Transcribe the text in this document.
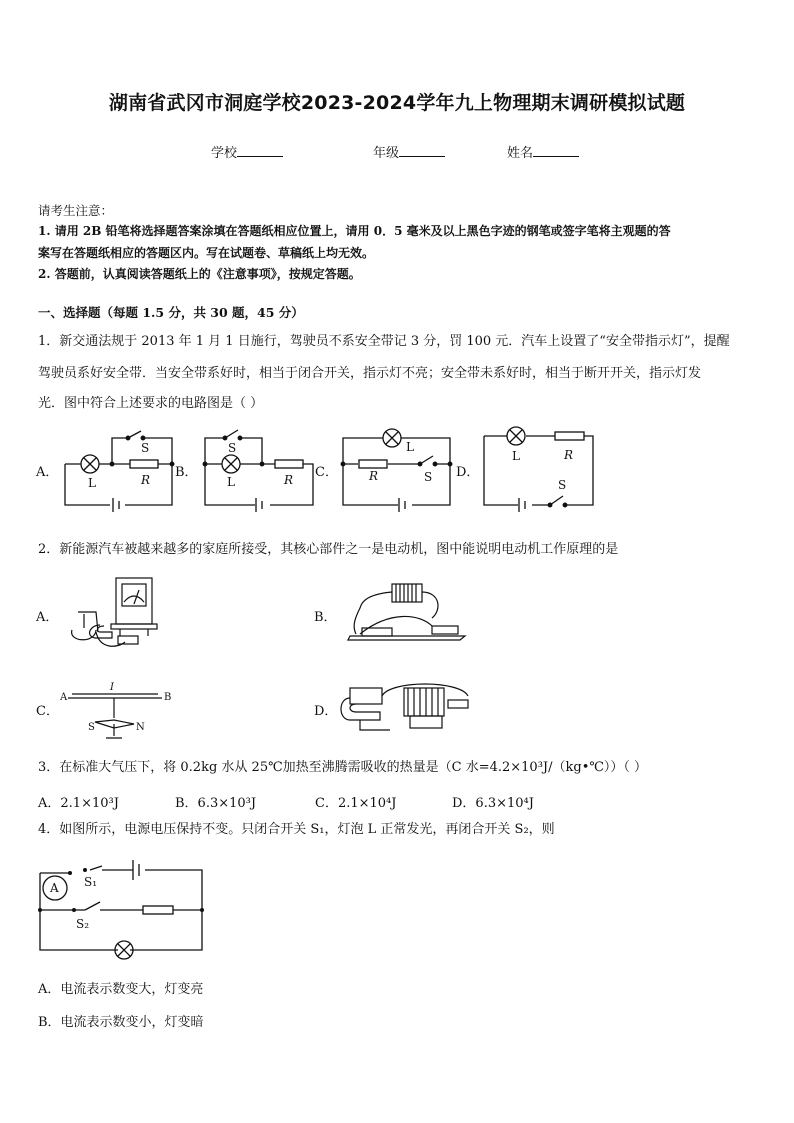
湖南省武冈市洞庭学校2023-2024学年九上物理期末调研模拟试题
学校	年级	姓名
请考生注意：
1. 请用 2B 铅笔将选择题答案涂填在答题纸相应位置上，请用 0．5 毫米及以上黑色字迹的钢笔或签字笔将主观题的答
案写在答题纸相应的答题区内。写在试题卷、草稿纸上均无效。
2. 答题前，认真阅读答题纸上的《注意事项》，按规定答题。
一、选择题（每题 1.5 分，共 30 题，45 分）
1．新交通法规于 2013 年 1 月 1 日施行，驾驶员不系安全带记 3 分，罚 100 元．汽车上设置了“安全带指示灯”，提醒
驾驶员系好安全带．当安全带系好时，相当于闭合开关，指示灯不亮；安全带未系好时，相当于断开开关，指示灯发
光．图中符合上述要求的电路图是（ ）
A．	B．	C．	D．
S
L	R
S
L	R
L
R	S
L	R
S
2．新能源汽车被越来越多的家庭所接受，其核心部件之一是电动机，图中能说明电动机工作原理的是
A．	B．
C．	D．
A	B
I
S	N
3．在标准大气压下，将 0.2kg 水从 25℃加热至沸腾需吸收的热量是（C 水=4.2×10³J/（kg•℃））（ ）
A．2.1×10³J	B．6.3×10³J	C．2.1×10⁴J	D．6.3×10⁴J
4．如图所示，电源电压保持不变。只闭合开关 S₁，灯泡 L 正常发光，再闭合开关 S₂，则
A S₁
S₂
A．电流表示数变大，灯变亮
B．电流表示数变小，灯变暗
